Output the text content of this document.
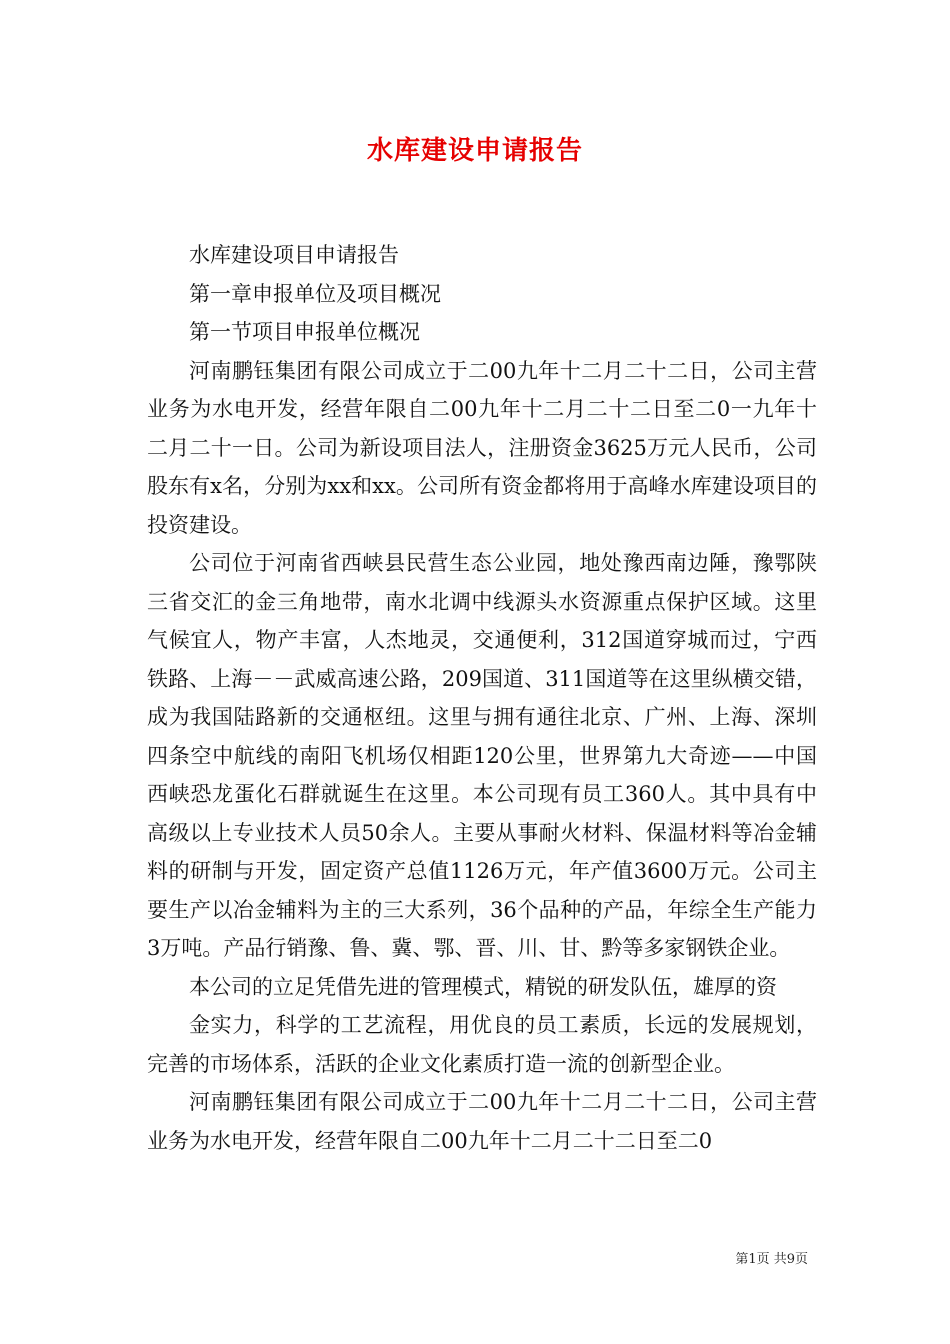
水库建设申请报告

水库建设项目申请报告

第一章申报单位及项目概况

第一节项目申报单位概况

河南鹏钰集团有限公司成立于二00九年十二月二十二日，公司主营业务为水电开发，经营年限自二00九年十二月二十二日至二0一九年十二月二十一日。公司为新设项目法人，注册资金3625万元人民币，公司股东有x名，分别为xx和xx。公司所有资金都将用于高峰水库建设项目的投资建设。

公司位于河南省西峡县民营生态公业园，地处豫西南边陲，豫鄂陕三省交汇的金三角地带，南水北调中线源头水资源重点保护区域。这里气候宜人，物产丰富，人杰地灵，交通便利，312国道穿城而过，宁西铁路、上海－－武威高速公路，209国道、311国道等在这里纵横交错，成为我国陆路新的交通枢纽。这里与拥有通往北京、广州、上海、深圳四条空中航线的南阳飞机场仅相距120公里，世界第九大奇迹——中国西峡恐龙蛋化石群就诞生在这里。本公司现有员工360人。其中具有中高级以上专业技术人员50余人。主要从事耐火材料、保温材料等冶金辅料的研制与开发，固定资产总值1126万元，年产值3600万元。公司主要生产以冶金辅料为主的三大系列，36个品种的产品，年综全生产能力3万吨。产品行销豫、鲁、冀、鄂、晋、川、甘、黔等多家钢铁企业。

本公司的立足凭借先进的管理模式，精锐的研发队伍，雄厚的资

金实力，科学的工艺流程，用优良的员工素质，长远的发展规划，完善的市场体系，活跃的企业文化素质打造一流的创新型企业。

河南鹏钰集团有限公司成立于二00九年十二月二十二日，公司主营业务为水电开发，经营年限自二00九年十二月二十二日至二0

第1页 共9页
